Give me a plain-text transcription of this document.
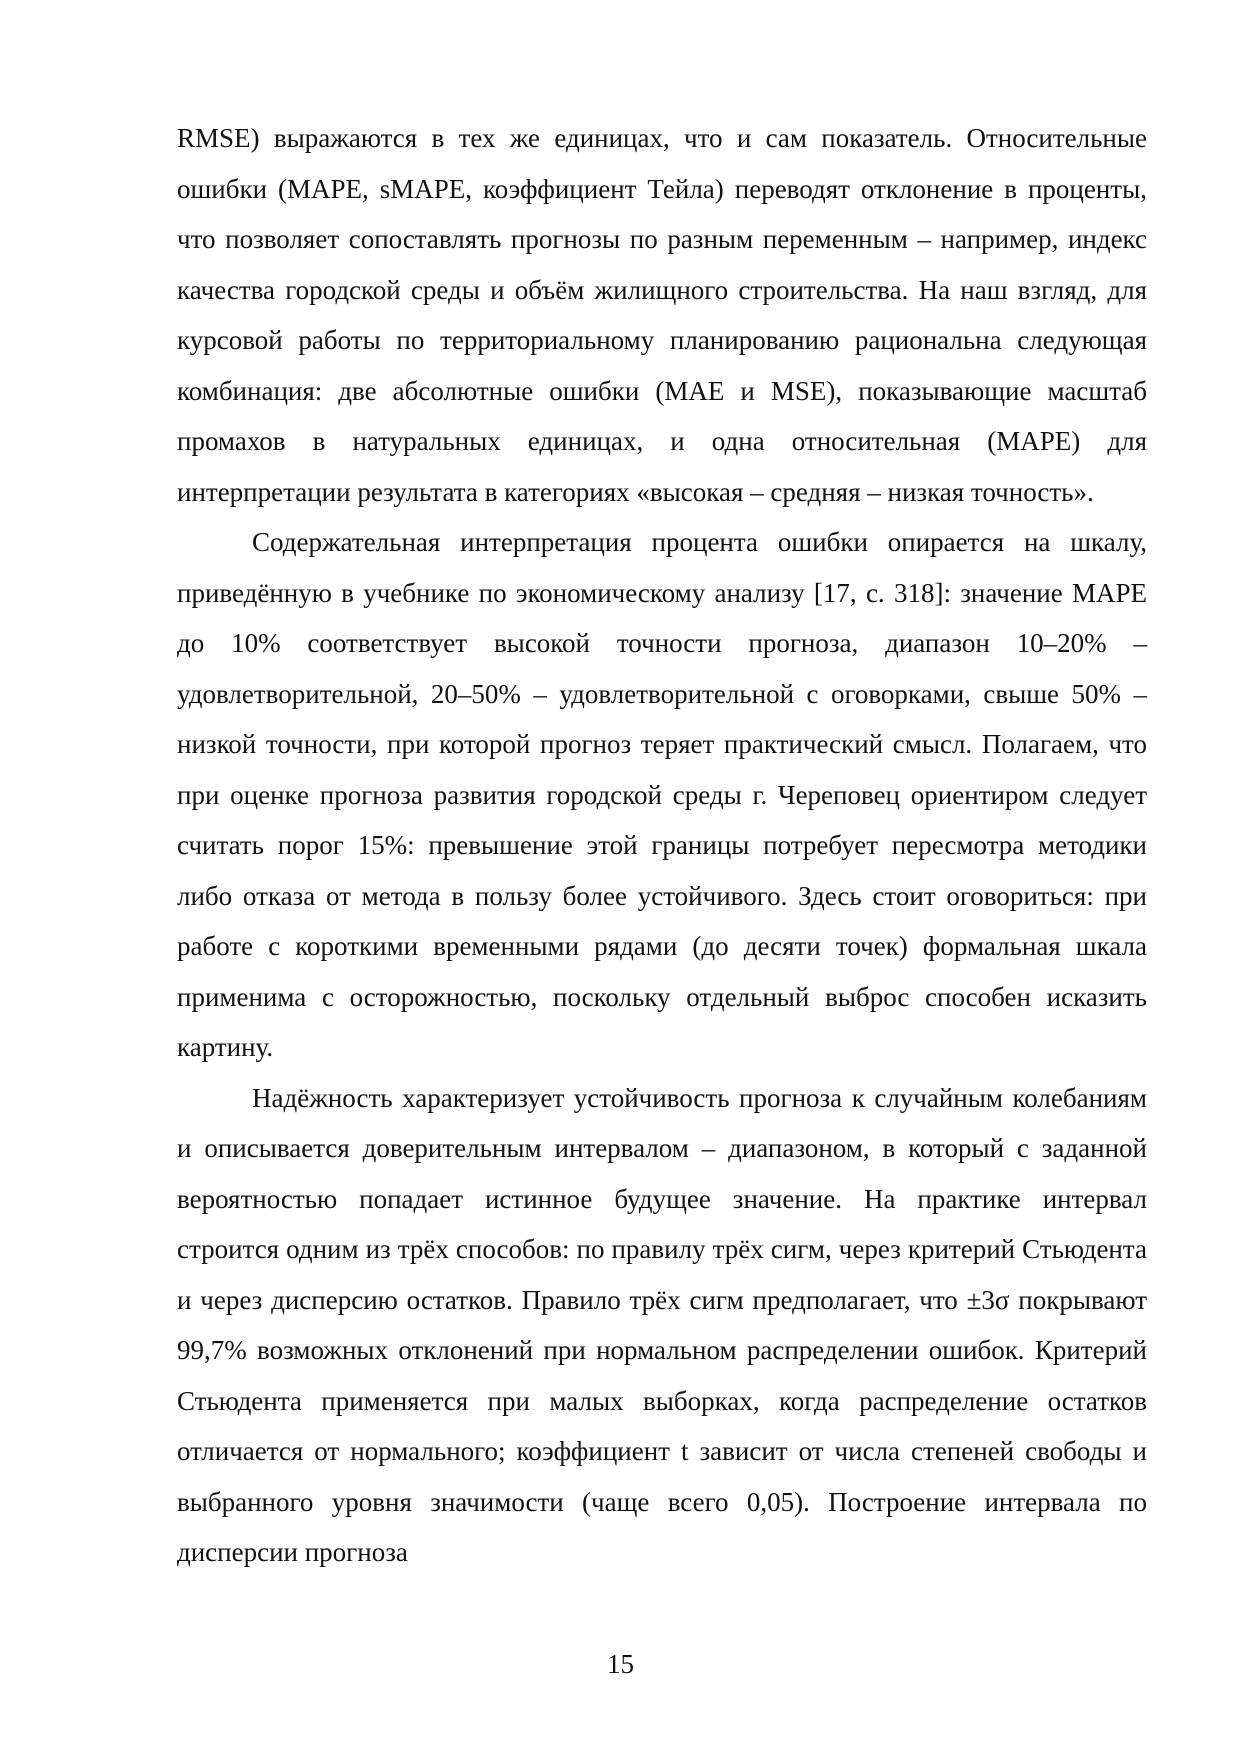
RMSE) выражаются в тех же единицах, что и сам показатель. Относительные ошибки (MAPE, sMAPE, коэффициент Тейла) переводят отклонение в проценты, что позволяет сопоставлять прогнозы по разным переменным – например, индекс качества городской среды и объём жилищного строительства. На наш взгляд, для курсовой работы по территориальному планированию рациональна следующая комбинация: две абсолютные ошибки (MAE и MSE), показывающие масштаб промахов в натуральных единицах, и одна относительная (MAPE) для интерпретации результата в категориях «высокая – средняя – низкая точность».

Содержательная интерпретация процента ошибки опирается на шкалу, приведённую в учебнике по экономическому анализу [17, с. 318]: значение MAPE до 10% соответствует высокой точности прогноза, диапазон 10–20% – удовлетворительной, 20–50% – удовлетворительной с оговорками, свыше 50% – низкой точности, при которой прогноз теряет практический смысл. Полагаем, что при оценке прогноза развития городской среды г. Череповец ориентиром следует считать порог 15%: превышение этой границы потребует пересмотра методики либо отказа от метода в пользу более устойчивого. Здесь стоит оговориться: при работе с короткими временными рядами (до десяти точек) формальная шкала применима с осторожностью, поскольку отдельный выброс способен исказить картину.

Надёжность характеризует устойчивость прогноза к случайным колебаниям и описывается доверительным интервалом – диапазоном, в который с заданной вероятностью попадает истинное будущее значение. На практике интервал строится одним из трёх способов: по правилу трёх сигм, через критерий Стьюдента и через дисперсию остатков. Правило трёх сигм предполагает, что ±3σ покрывают 99,7% возможных отклонений при нормальном распределении ошибок. Критерий Стьюдента применяется при малых выборках, когда распределение остатков отличается от нормального; коэффициент t зависит от числа степеней свободы и выбранного уровня значимости (чаще всего 0,05). Построение интервала по дисперсии прогноза

15
